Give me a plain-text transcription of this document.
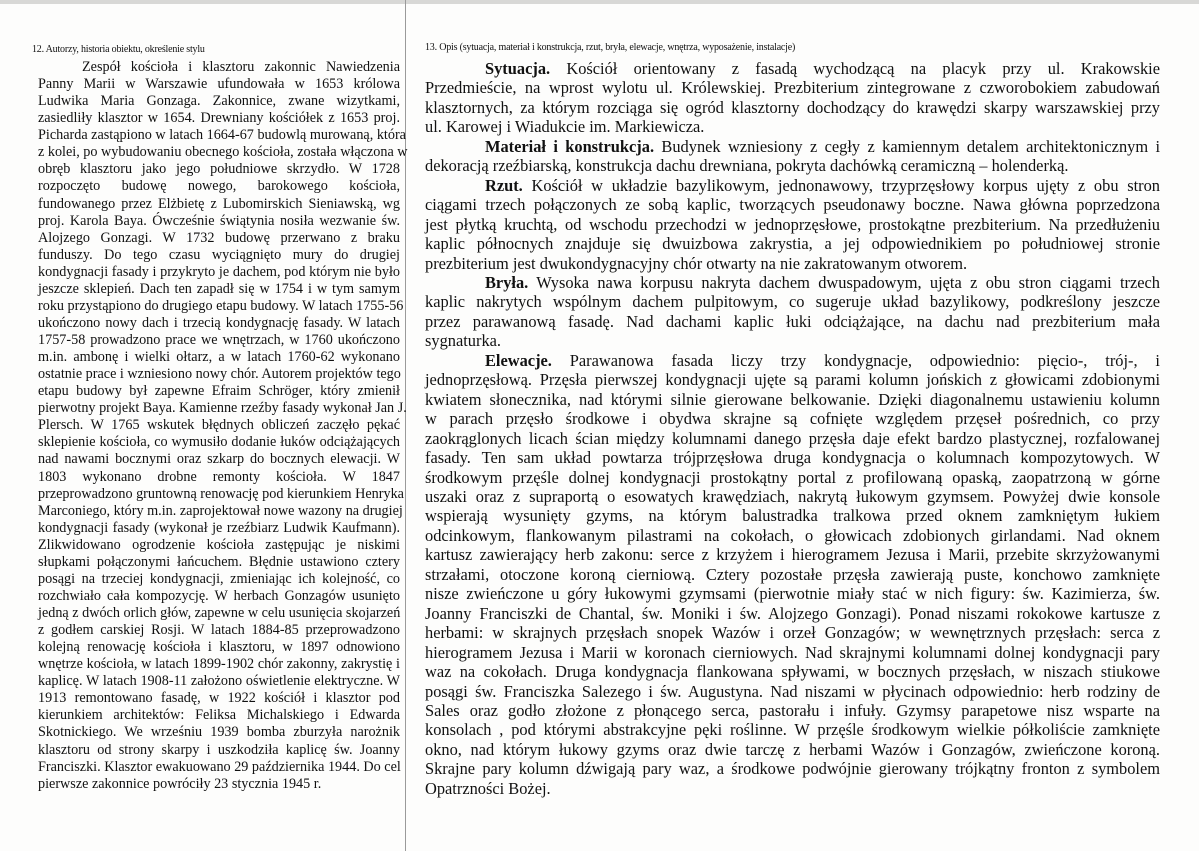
12. Autorzy, historia obiektu, określenie stylu
Zespół kościoła i klasztoru zakonnic Nawiedzenia
Panny Marii w Warszawie ufundowała w 1653 królowa
Ludwika Maria Gonzaga. Zakonnice, zwane wizytkami,
zasiedliły klasztor w 1654. Drewniany kościółek z 1653 proj.
Picharda zastąpiono w latach 1664-67 budowlą murowaną, która
z kolei, po wybudowaniu obecnego kościoła, została włączona w
obręb klasztoru jako jego południowe skrzydło. W 1728
rozpoczęto budowę nowego, barokowego kościoła,
fundowanego przez Elżbietę z Lubomirskich Sieniawską, wg
proj. Karola Baya. Ówcześnie świątynia nosiła wezwanie św.
Alojzego Gonzagi. W 1732 budowę przerwano z braku
funduszy. Do tego czasu wyciągnięto mury do drugiej
kondygnacji fasady i przykryto je dachem, pod którym nie było
jeszcze sklepień. Dach ten zapadł się w 1754 i w tym samym
roku przystąpiono do drugiego etapu budowy. W latach 1755-56
ukończono nowy dach i trzecią kondygnację fasady. W latach
1757-58 prowadzono prace we wnętrzach, w 1760 ukończono
m.in. ambonę i wielki ołtarz, a w latach 1760-62 wykonano
ostatnie prace i wzniesiono nowy chór. Autorem projektów tego
etapu budowy był zapewne Efraim Schröger, który zmienił
pierwotny projekt Baya. Kamienne rzeźby fasady wykonał Jan J.
Plersch. W 1765 wskutek błędnych obliczeń zaczęło pękać
sklepienie kościoła, co wymusiło dodanie łuków odciążających
nad nawami bocznymi oraz szkarp do bocznych elewacji. W
1803 wykonano drobne remonty kościoła. W 1847
przeprowadzono gruntowną renowację pod kierunkiem Henryka
Marconiego, który m.in. zaprojektował nowe wazony na drugiej
kondygnacji fasady (wykonał je rzeźbiarz Ludwik Kaufmann).
Zlikwidowano ogrodzenie kościoła zastępując je niskimi
słupkami połączonymi łańcuchem. Błędnie ustawiono cztery
posągi na trzeciej kondygnacji, zmieniając ich kolejność, co
rozchwiało cała kompozycję. W herbach Gonzagów usunięto
jedną z dwóch orlich głów, zapewne w celu usunięcia skojarzeń
z godłem carskiej Rosji. W latach 1884-85 przeprowadzono
kolejną renowację kościoła i klasztoru, w 1897 odnowiono
wnętrze kościoła, w latach 1899-1902 chór zakonny, zakrystię i
kaplicę. W latach 1908-11 założono oświetlenie elektryczne. W
1913 remontowano fasadę, w 1922 kościół i klasztor pod
kierunkiem architektów: Feliksa Michalskiego i Edwarda
Skotnickiego. We wrześniu 1939 bomba zburzyła narożnik
klasztoru od strony skarpy i uszkodziła kaplicę św. Joanny
Franciszki. Klasztor ewakuowano 29 października 1944. Do cel
pierwsze zakonnice powróciły 23 stycznia 1945 r.
13. Opis (sytuacja, materiał i konstrukcja, rzut, bryła, elewacje, wnętrza, wyposażenie, instalacje)
Sytuacja. Kościół orientowany z fasadą wychodzącą na placyk przy ul. Krakowskie
Przedmieście, na wprost wylotu ul. Królewskiej. Prezbiterium zintegrowane z czworobokiem zabudowań
klasztornych, za którym rozciąga się ogród klasztorny dochodzący do krawędzi skarpy warszawskiej przy
ul. Karowej i Wiadukcie im. Markiewicza.
Materiał i konstrukcja. Budynek wzniesiony z cegły z kamiennym detalem architektonicznym i
dekoracją rzeźbiarską, konstrukcja dachu drewniana, pokryta dachówką ceramiczną – holenderką.
Rzut. Kościół w układzie bazylikowym, jednonawowy, trzyprzęsłowy korpus ujęty z obu stron
ciągami trzech połączonych ze sobą kaplic, tworzących pseudonawy boczne. Nawa główna poprzedzona
jest płytką kruchtą, od wschodu przechodzi w jednoprzęsłowe, prostokątne prezbiterium. Na przedłużeniu
kaplic północnych znajduje się dwuizbowa zakrystia, a jej odpowiednikiem po południowej stronie
prezbiterium jest dwukondygnacyjny chór otwarty na nie zakratowanym otworem.
Bryła. Wysoka nawa korpusu nakryta dachem dwuspadowym, ujęta z obu stron ciągami trzech
kaplic nakrytych wspólnym dachem pulpitowym, co sugeruje układ bazylikowy, podkreślony jeszcze
przez parawanową fasadę. Nad dachami kaplic łuki odciążające, na dachu nad prezbiterium mała
sygnaturka.
Elewacje. Parawanowa fasada liczy trzy kondygnacje, odpowiednio: pięcio-, trój-, i
jednoprzęsłową. Przęsła pierwszej kondygnacji ujęte są parami kolumn jońskich z głowicami zdobionymi
kwiatem słonecznika, nad którymi silnie gierowane belkowanie. Dzięki diagonalnemu ustawieniu kolumn
w parach przęsło środkowe i obydwa skrajne są cofnięte względem przęseł pośrednich, co przy
zaokrąglonych licach ścian między kolumnami danego przęsła daje efekt bardzo plastycznej, rozfalowanej
fasady. Ten sam układ powtarza trójprzęsłowa druga kondygnacja o kolumnach kompozytowych. W
środkowym przęśle dolnej kondygnacji prostokątny portal z profilowaną opaską, zaopatrzoną w górne
uszaki oraz z supraportą o esowatych krawędziach, nakrytą łukowym gzymsem. Powyżej dwie konsole
wspierają wysunięty gzyms, na którym balustradka tralkowa przed oknem zamkniętym łukiem
odcinkowym, flankowanym pilastrami na cokołach, o głowicach zdobionych girlandami. Nad oknem
kartusz zawierający herb zakonu: serce z krzyżem i hierogramem Jezusa i Marii, przebite skrzyżowanymi
strzałami, otoczone koroną cierniową. Cztery pozostałe przęsła zawierają puste, konchowo zamknięte
nisze zwieńczone u góry łukowymi gzymsami (pierwotnie miały stać w nich figury: św. Kazimierza, św.
Joanny Franciszki de Chantal, św. Moniki i św. Alojzego Gonzagi). Ponad niszami rokokowe kartusze z
herbami: w skrajnych przęsłach snopek Wazów i orzeł Gonzagów; w wewnętrznych przęsłach: serca z
hierogramem Jezusa i Marii w koronach cierniowych. Nad skrajnymi kolumnami dolnej kondygnacji pary
waz na cokołach. Druga kondygnacja flankowana spływami, w bocznych przęsłach, w niszach stiukowe
posągi św. Franciszka Salezego i św. Augustyna. Nad niszami w płycinach odpowiednio: herb rodziny de
Sales oraz godło złożone z płonącego serca, pastorału i infuły. Gzymsy parapetowe nisz wsparte na
konsolach , pod którymi abstrakcyjne pęki roślinne. W przęśle środkowym wielkie półkoliście zamknięte
okno, nad którym łukowy gzyms oraz dwie tarczę z herbami Wazów i Gonzagów, zwieńczone koroną.
Skrajne pary kolumn dźwigają pary waz, a środkowe podwójnie gierowany trójkątny fronton z symbolem
Opatrzności Bożej.
